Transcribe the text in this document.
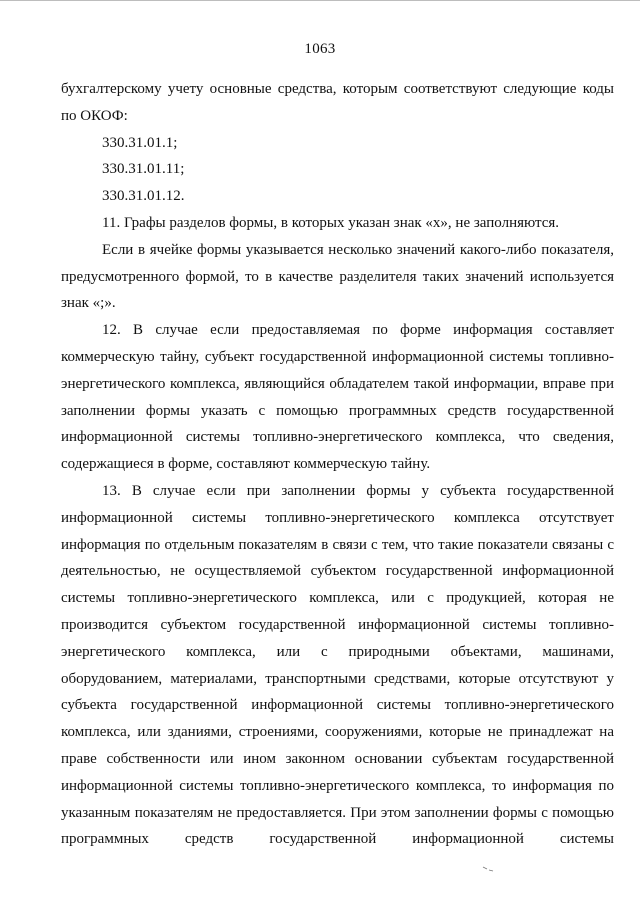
1063

бухгалтерскому учету основные средства, которым соответствуют следующие коды по ОКОФ:

330.31.01.1;

330.31.01.11;

330.31.01.12.

11. Графы разделов формы, в которых указан знак «х», не заполняются.

Если в ячейке формы указывается несколько значений какого-либо показателя, предусмотренного формой, то в качестве разделителя таких значений используется знак «;».

12. В случае если предоставляемая по форме информация составляет коммерческую тайну, субъект государственной информационной системы топливно-энергетического комплекса, являющийся обладателем такой информации, вправе при заполнении формы указать с помощью программных средств государственной информационной системы топливно-энергетического комплекса, что сведения, содержащиеся в форме, составляют коммерческую тайну.

13. В случае если при заполнении формы у субъекта государственной информационной системы топливно-энергетического комплекса отсутствует информация по отдельным показателям в связи с тем, что такие показатели связаны с деятельностью, не осуществляемой субъектом государственной информационной системы топливно-энергетического комплекса, или с продукцией, которая не производится субъектом государственной информационной системы топливно-энергетического комплекса, или с природными объектами, машинами, оборудованием, материалами, транспортными средствами, которые отсутствуют у субъекта государственной информационной системы топливно-энергетического комплекса, или зданиями, строениями, сооружениями, которые не принадлежат на праве собственности или ином законном основании субъектам государственной информационной системы топливно-энергетического комплекса, то информация по указанным показателям не предоставляется. При этом заполнении формы с помощью программных средств государственной информационной системы
